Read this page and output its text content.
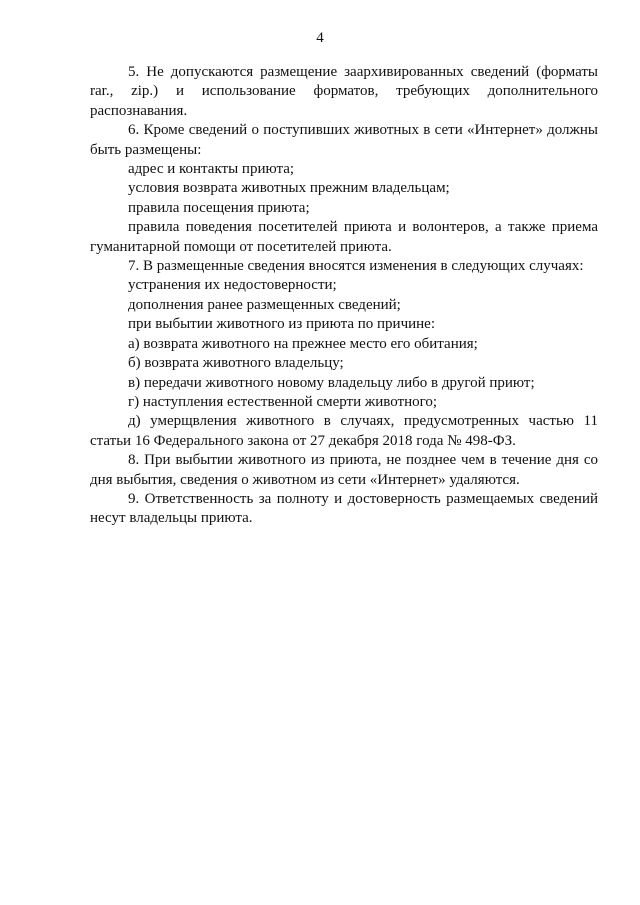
4

5. Не допускаются размещение заархивированных сведений (форматы rar., zip.) и использование форматов, требующих дополнительного распознавания.

6. Кроме сведений о поступивших животных в сети «Интернет» должны быть размещены:

адрес и контакты приюта;

условия возврата животных прежним владельцам;

правила посещения приюта;

правила поведения посетителей приюта и волонтеров, а также приема гуманитарной помощи от посетителей приюта.

7. В размещенные сведения вносятся изменения в следующих случаях:

устранения их недостоверности;

дополнения ранее размещенных сведений;

при выбытии животного из приюта по причине:

а) возврата животного на прежнее место его обитания;

б) возврата животного владельцу;

в) передачи животного новому владельцу либо в другой приют;

г) наступления естественной смерти животного;

д) умерщвления животного в случаях, предусмотренных частью 11 статьи 16 Федерального закона от 27 декабря 2018 года № 498-ФЗ.

8. При выбытии животного из приюта, не позднее чем в течение дня со дня выбытия, сведения о животном из сети «Интернет» удаляются.

9. Ответственность за полноту и достоверность размещаемых сведений несут владельцы приюта.
